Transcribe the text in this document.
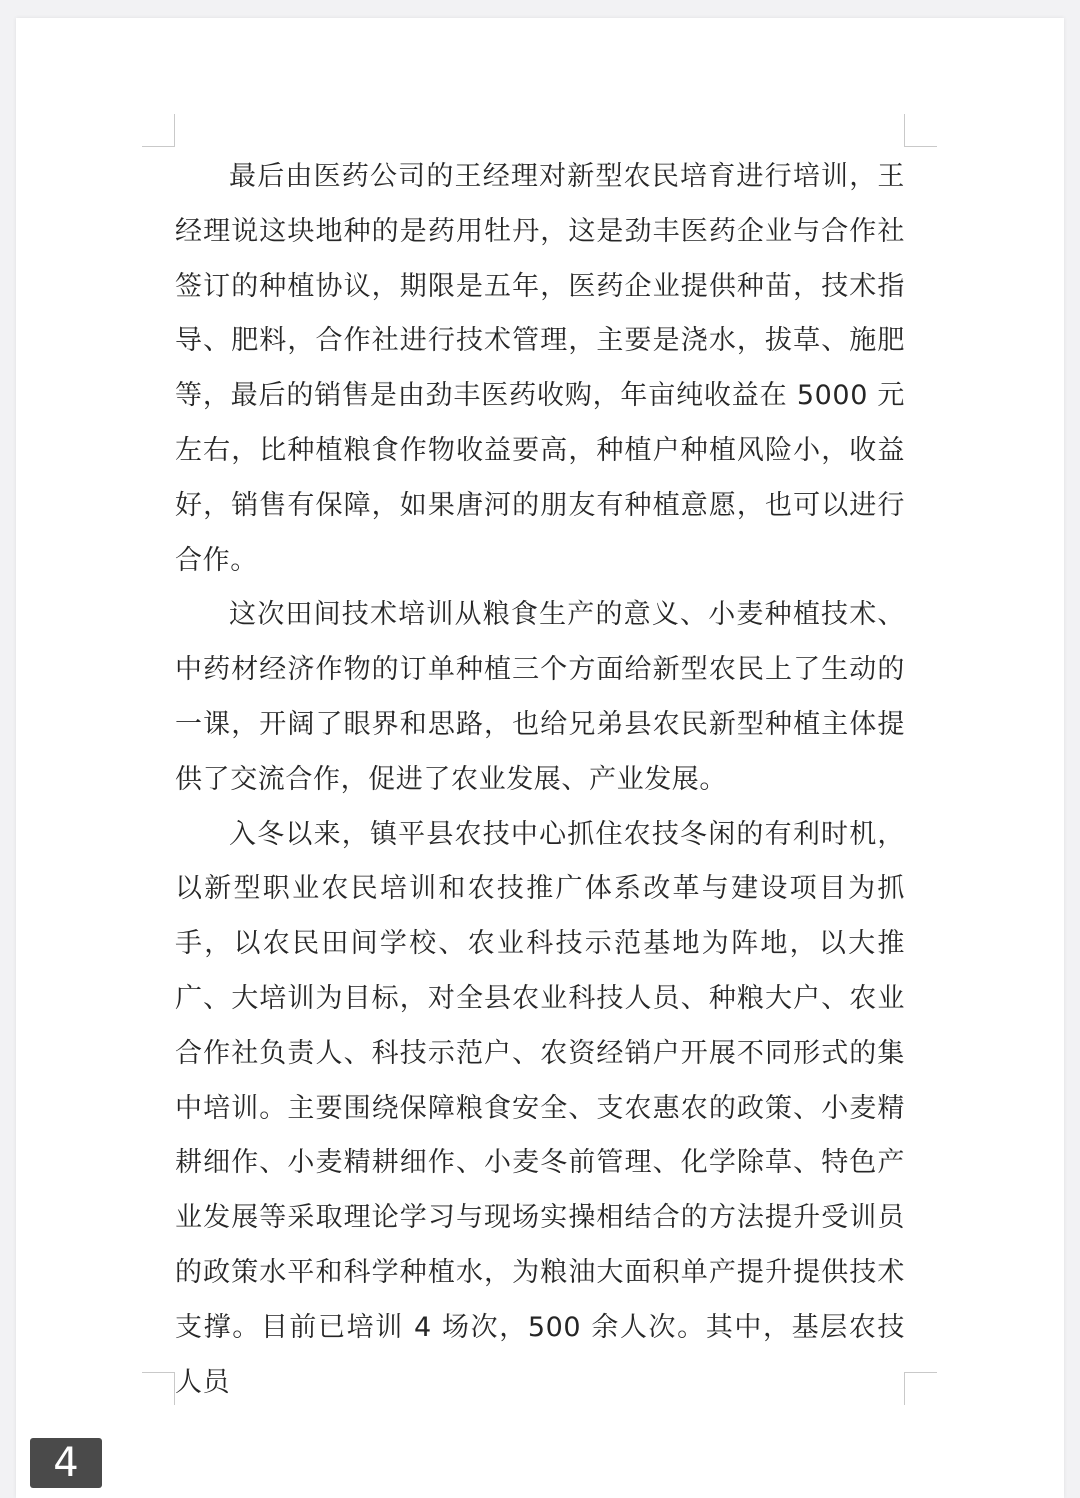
最后由医药公司的王经理对新型农民培育进行培训，王经理说这块地种的是药用牡丹，这是劲丰医药企业与合作社签订的种植协议，期限是五年，医药企业提供种苗，技术指导、肥料，合作社进行技术管理，主要是浇水，拔草、施肥等，最后的销售是由劲丰医药收购，年亩纯收益在 5000 元左右，比种植粮食作物收益要高，种植户种植风险小，收益好，销售有保障，如果唐河的朋友有种植意愿，也可以进行合作。

这次田间技术培训从粮食生产的意义、小麦种植技术、中药材经济作物的订单种植三个方面给新型农民上了生动的一课，开阔了眼界和思路，也给兄弟县农民新型种植主体提供了交流合作，促进了农业发展、产业发展。

入冬以来，镇平县农技中心抓住农技冬闲的有利时机，以新型职业农民培训和农技推广体系改革与建设项目为抓手，以农民田间学校、农业科技示范基地为阵地，以大推广、大培训为目标，对全县农业科技人员、种粮大户、农业合作社负责人、科技示范户、农资经销户开展不同形式的集中培训。主要围绕保障粮食安全、支农惠农的政策、小麦精耕细作、小麦精耕细作、小麦冬前管理、化学除草、特色产业发展等采取理论学习与现场实操相结合的方法提升受训员的政策水平和科学种植水，为粮油大面积单产提升提供技术支撑。目前已培训 4 场次，500 余人次。其中，基层农技人员

4
